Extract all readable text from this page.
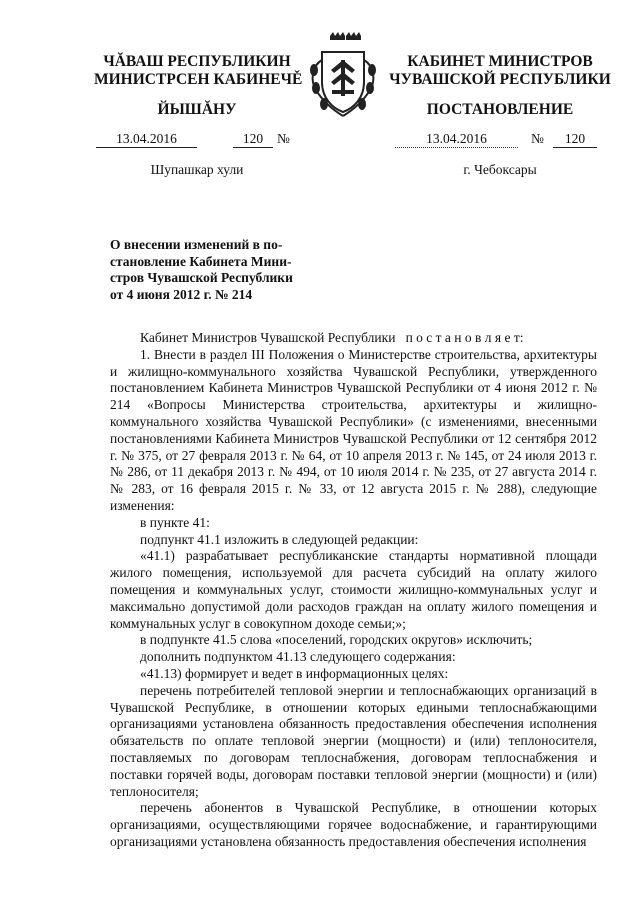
ЧĂВАШ РЕСПУБЛИКИН
МИНИСТРСЕН КАБИНЕЧĚ
ЙЫШĂНУ
КАБИНЕТ МИНИСТРОВ
ЧУВАШСКОЙ РЕСПУБЛИКИ
ПОСТАНОВЛЕНИЕ
13.04.2016	120	№	13.04.2016	№	120
Шупашкар хули	г. Чебоксары
О внесении изменений в по-
становление Кабинета Мини-
стров Чувашской Республики
от 4 июня 2012 г. № 214

Кабинет Министров Чувашской Республики п о с т а н о в л я е т:

1. Внести в раздел III Положения о Министерстве строительства, архитектуры и жилищно-коммунального хозяйства Чувашской Республики, утвержденного постановлением Кабинета Министров Чувашской Республики от 4 июня 2012 г. № 214 «Вопросы Министерства строительства, архитектуры и жилищно-коммунального хозяйства Чувашской Республики» (с изменениями, внесенными постановлениями Кабинета Министров Чувашской Республики от 12 сентября 2012 г. № 375, от 27 февраля 2013 г. № 64, от 10 апреля 2013 г. № 145, от 24 июля 2013 г. № 286, от 11 декабря 2013 г. № 494, от 10 июля 2014 г. № 235, от 27 августа 2014 г. № 283, от 16 февраля 2015 г. № 33, от 12 августа 2015 г. № 288), следующие изменения:

в пункте 41:

подпункт 41.1 изложить в следующей редакции:

«41.1) разрабатывает республиканские стандарты нормативной площади жилого помещения, используемой для расчета субсидий на оплату жилого помещения и коммунальных услуг, стоимости жилищно-коммунальных услуг и максимально допустимой доли расходов граждан на оплату жилого помещения и коммунальных услуг в совокупном доходе семьи;»;

в подпункте 41.5 слова «поселений, городских округов» исключить;

дополнить подпунктом 41.13 следующего содержания:

«41.13) формирует и ведет в информационных целях:

перечень потребителей тепловой энергии и теплоснабжающих организаций в Чувашской Республике, в отношении которых едиными теплоснабжающими организациями установлена обязанность предоставления обеспечения исполнения обязательств по оплате тепловой энергии (мощности) и (или) теплоносителя, поставляемых по договорам теплоснабжения, договорам теплоснабжения и поставки горячей воды, договорам поставки тепловой энергии (мощности) и (или) теплоносителя;

перечень абонентов в Чувашской Республике, в отношении которых организациями, осуществляющими горячее водоснабжение, и гарантирующими организациями установлена обязанность предоставления обеспечения исполнения
